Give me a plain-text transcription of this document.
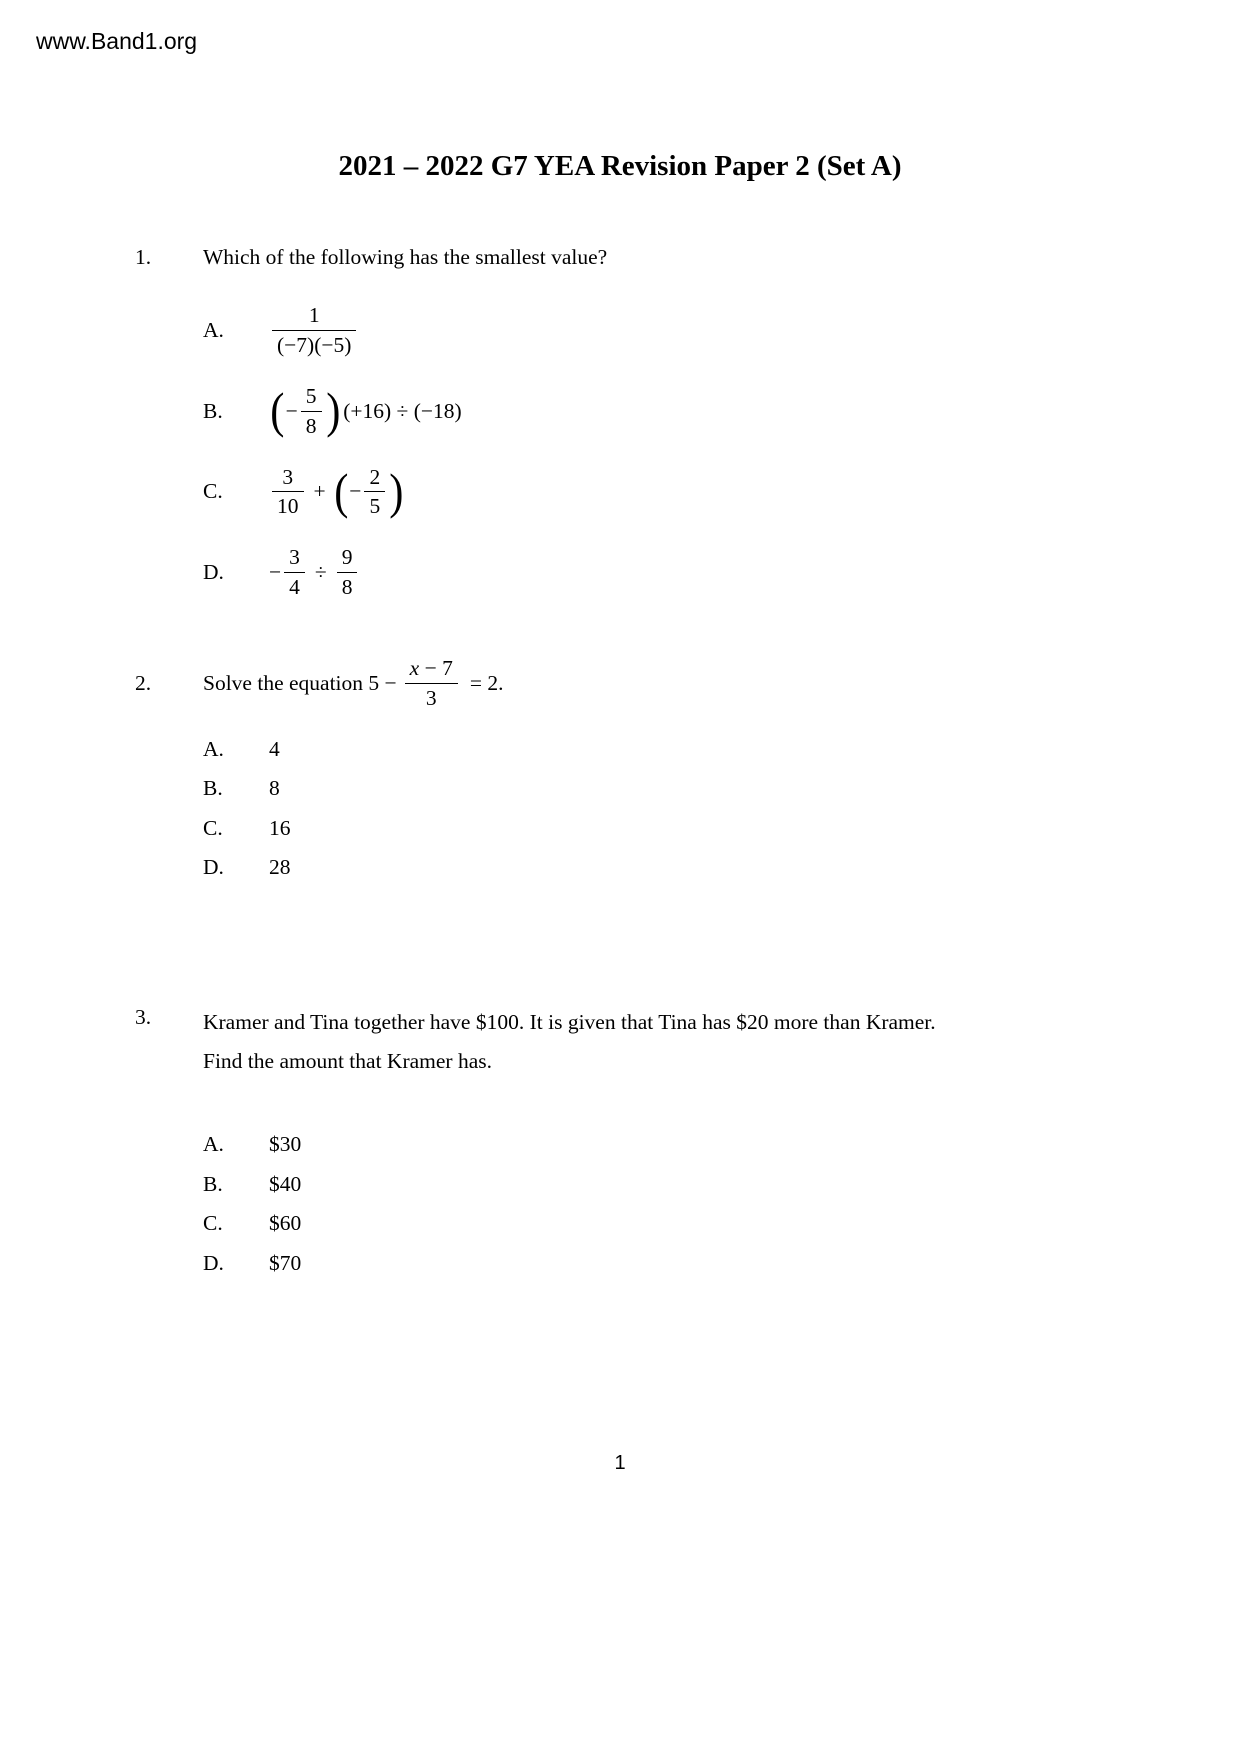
www.Band1.org
2021 – 2022 G7 YEA Revision Paper 2 (Set A)
1.	Which of the following has the smallest value?
A.	$\frac{1}{(-7)(-5)}$
B. ( − $\frac{5}{8}$ ) (+16) ÷ (−18)
C.	$\frac{3}{10}$ + ( − $\frac{2}{5}$ )
D.	− $\frac{3}{4} \div \frac{9}{8}$
2.	Solve the equation $5 - \frac{x - 7}{3} = 2$.
A.	4
B.	8
C.	16
D.	28
3.	Kramer and Tina together have $100. It is given that Tina has $20 more than Kramer.
Find the amount that Kramer has.
A.	$30
B.	$40
C.	$60
D.	$70
1
